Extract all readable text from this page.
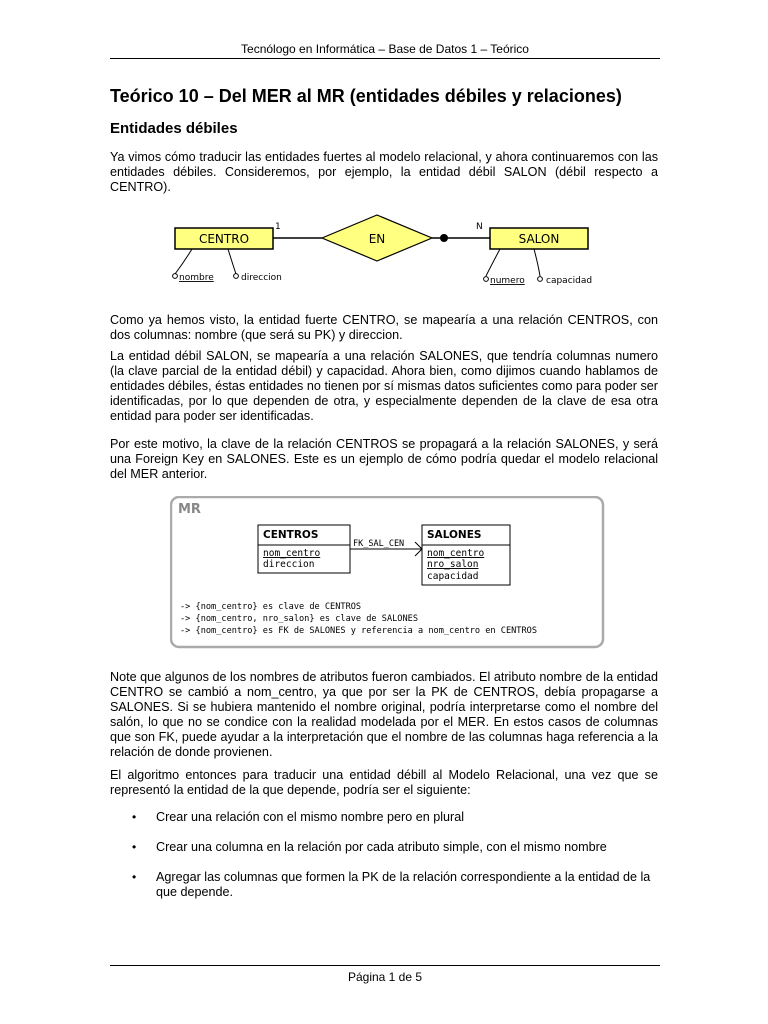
Tecnólogo en Informática – Base de Datos 1 – Teórico
Teórico 10 – Del MER al MR (entidades débiles y relaciones)
Entidades débiles

Ya vimos cómo traducir las entidades fuertes al modelo relacional, y ahora continuaremos con las entidades débiles. Consideremos, por ejemplo, la entidad débil SALON (débil respecto a CENTRO).

CENTRO
1
EN
N
SALON
nombre	direccion	numero capacidad

Como ya hemos visto, la entidad fuerte CENTRO, se mapearía a una relación CENTROS, con dos columnas: nombre (que será su PK) y direccion.

La entidad débil SALON, se mapearía a una relación SALONES, que tendría columnas numero (la clave parcial de la entidad débil) y capacidad. Ahora bien, como dijimos cuando hablamos de entidades débiles, éstas entidades no tienen por sí mismas datos suficientes como para poder ser identificadas, por lo que dependen de otra, y especialmente dependen de la clave de esa otra entidad para poder ser identificadas.

Por este motivo, la clave de la relación CENTROS se propagará a la relación SALONES, y será una Foreign Key en SALONES. Este es un ejemplo de cómo podría quedar el modelo relacional del MER anterior.

MR
CENTROS
nom_centro
direccion
FK_SAL_CEN
SALONES
nom_centro
nro_salon
capacidad
-> {nom_centro} es clave de CENTROS
-> {nom_centro, nro_salon} es clave de SALONES
-> {nom_centro} es FK de SALONES y referencia a nom_centro en CENTROS

Note que algunos de los nombres de atributos fueron cambiados. El atributo nombre de la entidad CENTRO se cambió a nom_centro, ya que por ser la PK de CENTROS, debía propagarse a SALONES. Si se hubiera mantenido el nombre original, podría interpretarse como el nombre del salón, lo que no se condice con la realidad modelada por el MER. En estos casos de columnas que son FK, puede ayudar a la interpretación que el nombre de las columnas haga referencia a la relación de donde provienen.

El algoritmo entonces para traducir una entidad débill al Modelo Relacional, una vez que se representó la entidad de la que depende, podría ser el siguiente:

• Crear una relación con el mismo nombre pero en plural
• Crear una columna en la relación por cada atributo simple, con el mismo nombre
• Agregar las columnas que formen la PK de la relación correspondiente a la entidad de la que depende.
Página 1 de 5
